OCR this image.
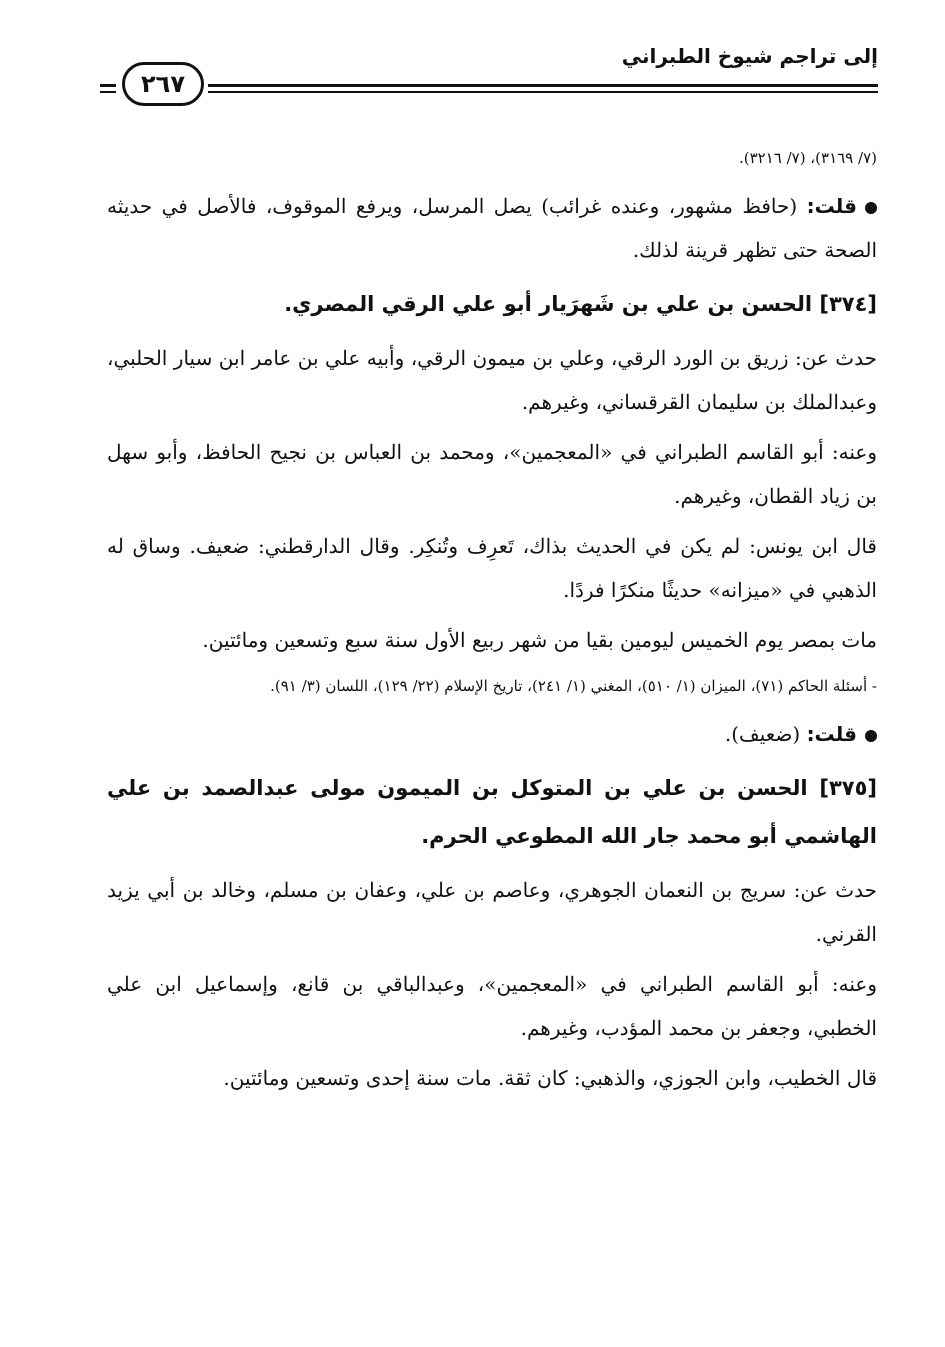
إلى تراجم شيوخ الطبراني
٢٦٧

(٧/ ٣١٦٩)، (٧/ ٣٢١٦).

قلت: (حافظ مشهور، وعنده غرائب) يصل المرسل، ويرفع الموقوف، فالأصل في حديثه الصحة حتى تظهر قرينة لذلك.

[٣٧٤] الحسن بن علي بن شَهرَيار أبو علي الرقي المصري.

حدث عن: زريق بن الورد الرقي، وعلي بن ميمون الرقي، وأبيه علي بن عامر ابن سيار الحلبي، وعبدالملك بن سليمان القرقساني، وغيرهم.

وعنه: أبو القاسم الطبراني في «المعجمين»، ومحمد بن العباس بن نجيح الحافظ، وأبو سهل بن زياد القطان، وغيرهم.

قال ابن يونس: لم يكن في الحديث بذاك، تَعرِف وتُنكِر. وقال الدارقطني: ضعيف. وساق له الذهبي في «ميزانه» حديثًا منكرًا فردًا.

مات بمصر يوم الخميس ليومين بقيا من شهر ربيع الأول سنة سبع وتسعين ومائتين.

- أسئلة الحاكم (٧١)، الميزان (١/ ٥١٠)، المغني (١/ ٢٤١)، تاريخ الإسلام (٢٢/ ١٢٩)، اللسان (٣/ ٩١).

قلت: (ضعيف).

[٣٧٥] الحسن بن علي بن المتوكل بن الميمون مولى عبدالصمد بن علي الهاشمي أبو محمد جار الله المطوعي الحرم.

حدث عن: سريج بن النعمان الجوهري، وعاصم بن علي، وعفان بن مسلم، وخالد بن أبي يزيد القرني.

وعنه: أبو القاسم الطبراني في «المعجمين»، وعبدالباقي بن قانع، وإسماعيل ابن علي الخطبي، وجعفر بن محمد المؤدب، وغيرهم.

قال الخطيب، وابن الجوزي، والذهبي: كان ثقة. مات سنة إحدى وتسعين ومائتين.
